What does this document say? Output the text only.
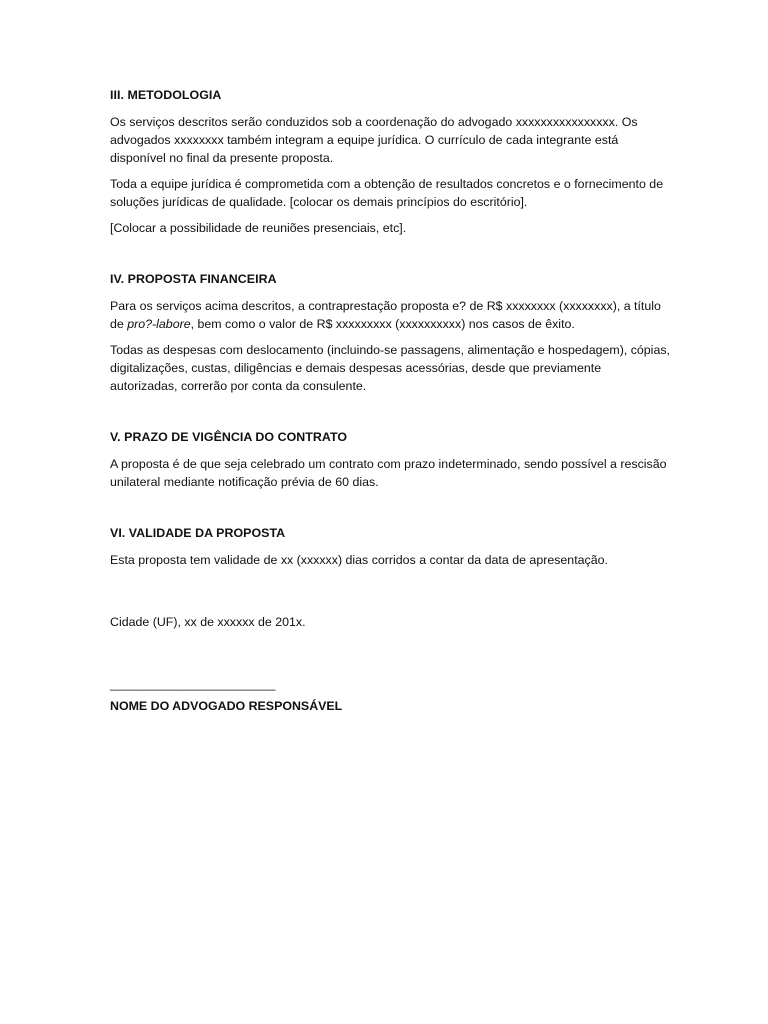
III. METODOLOGIA

Os serviços descritos serão conduzidos sob a coordenação do advogado xxxxxxxxxxxxxxxx. Os advogados xxxxxxxx também integram a equipe jurídica. O currículo de cada integrante está disponível no final da presente proposta.

Toda a equipe jurídica é comprometida com a obtenção de resultados concretos e o fornecimento de soluções jurídicas de qualidade. [colocar os demais princípios do escritório].

[Colocar a possibilidade de reuniões presenciais, etc].

IV. PROPOSTA FINANCEIRA

Para os serviços acima descritos, a contraprestação proposta e? de R$ xxxxxxxx (xxxxxxxx), a título de pro?-labore, bem como o valor de R$ xxxxxxxxx (xxxxxxxxxx) nos casos de êxito.

Todas as despesas com deslocamento (incluindo-se passagens, alimentação e hospedagem), cópias, digitalizações, custas, diligências e demais despesas acessórias, desde que previamente autorizadas, correrão por conta da consulente.

V. PRAZO DE VIGÊNCIA DO CONTRATO

A proposta é de que seja celebrado um contrato com prazo indeterminado, sendo possível a rescisão unilateral mediante notificação prévia de 60 dias.

VI. VALIDADE DA PROPOSTA

Esta proposta tem validade de xx (xxxxxx) dias corridos a contar da data de apresentação.

Cidade (UF), xx de xxxxxx de 201x.

________________________
NOME DO ADVOGADO RESPONSÁVEL
